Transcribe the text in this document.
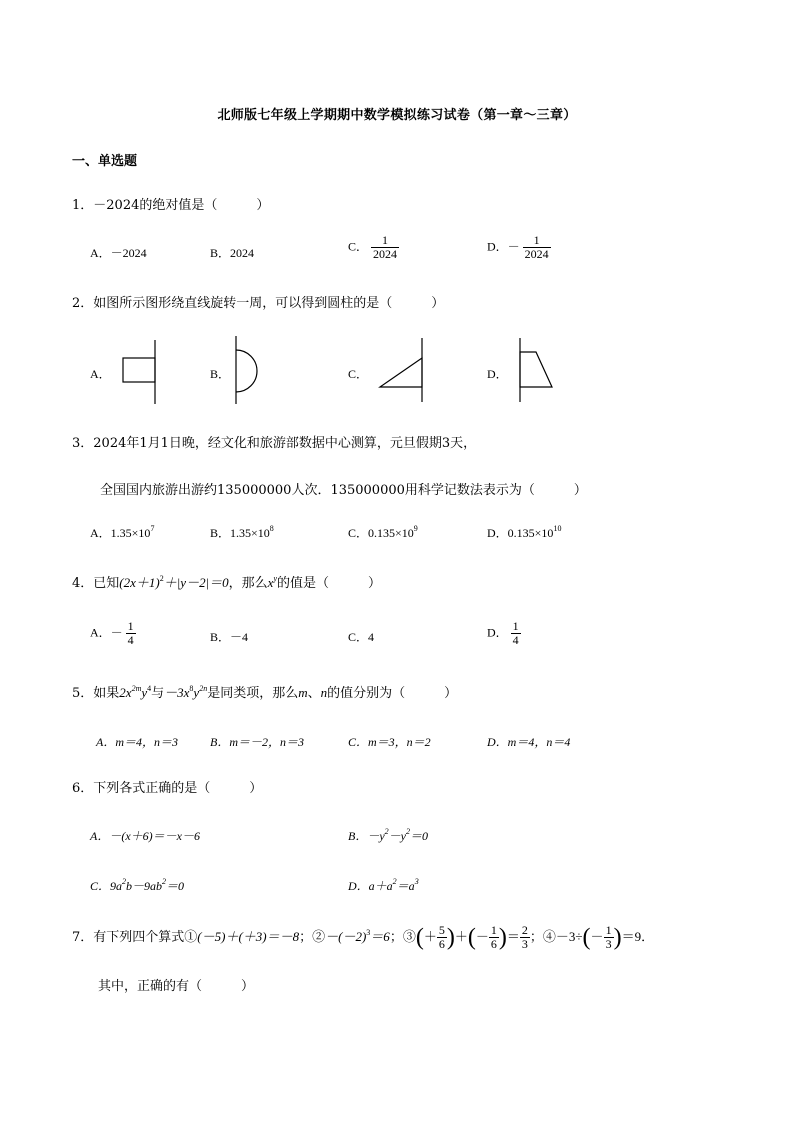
北师版七年级上学期期中数学模拟练习试卷（第一章～三章）
一、单选题
1．－2024的绝对值是（　　　）
A．－2024	B．2024	C． $\frac{1}{2024}$	D．－ $\frac{1}{2024}$
2．如图所示图形绕直线旋转一周，可以得到圆柱的是（　　　）
A．	B．	C．	D．
3．2024年1月1日晚，经文化和旅游部数据中心测算，元旦假期3天，
全国国内旅游出游约135000000人次．135000000用科学记数法表示为（　　　）
A．$1.35\times 10^7$	B．$1.35\times 10^8$	C．$0.135\times 10^9$	D．$0.135\times 10^{10}$
4．已知$(2x+1)^2+|y-2|=0$，那么$x^y$的值是（　　　）
A．－ $\frac{1}{4}$	B．－4	C．4	D． $\frac{1}{4}$
5．如果$2x^{2m}y^4$与$-3x^8y^{2n}$是同类项，那么m、n的值分别为（　　　）
A．m＝4，n＝3	B．m＝－2，n＝3	C．m＝3，n＝2	D．m＝4，n＝4
6．下列各式正确的是（　　　）
A．－(x＋6)＝－x－6	B．$-y^2-y^2=0$
C．$9a^2b-9ab^2=0$	D．$a+a^2=a^3$
7．有下列四个算式①(－5)＋(＋3)＝－8；$②-(-2)^3=6$；③(＋ $\frac{5}{6}$ )＋(－ $\frac{1}{6}$ )＝ $\frac{2}{3}$ ；④－3÷(－ $\frac{1}{3} )=9$．
其中，正确的有（　　　）
